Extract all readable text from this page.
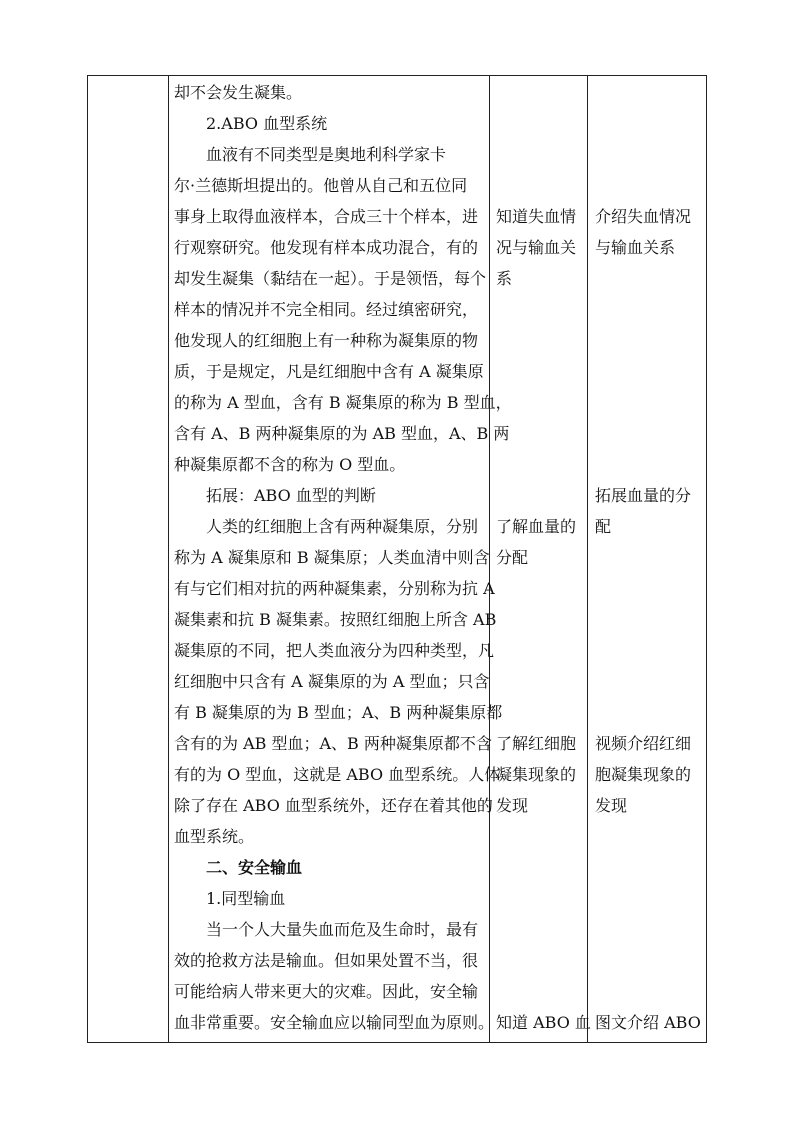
却不会发生凝集。
　　2.ABO 血型系统
　　血液有不同类型是奥地利科学家卡
尔·兰德斯坦提出的。他曾从自己和五位同
事身上取得血液样本，合成三十个样本，进
行观察研究。他发现有样本成功混合，有的
却发生凝集（黏结在一起）。于是领悟，每个
样本的情况并不完全相同。经过缜密研究，
他发现人的红细胞上有一种称为凝集原的物
质，于是规定，凡是红细胞中含有 A 凝集原
的称为 A 型血，含有 B 凝集原的称为 B 型血，
含有 A、B 两种凝集原的为 AB 型血，A、B 两
种凝集原都不含的称为 O 型血。
　　拓展：ABO 血型的判断
　　人类的红细胞上含有两种凝集原，分别
称为 A 凝集原和 B 凝集原；人类血清中则含
有与它们相对抗的两种凝集素，分别称为抗 A
凝集素和抗 B 凝集素。按照红细胞上所含 AB
凝集原的不同，把人类血液分为四种类型，凡
红细胞中只含有 A 凝集原的为 A 型血；只含
有 B 凝集原的为 B 型血；A、B 两种凝集原都
含有的为 AB 型血；A、B 两种凝集原都不含
有的为 O 型血，这就是 ABO 血型系统。人体
除了存在 ABO 血型系统外，还存在着其他的
血型系统。
　　二、安全输血
　　1.同型输血
　　当一个人大量失血而危及生命时，最有
效的抢救方法是输血。但如果处置不当，很
可能给病人带来更大的灾难。因此，安全输
血非常重要。安全输血应以输同型血为原则。
知道失血情
况与输血关
系
了解血量的
分配
了解红细胞
凝集现象的
发现
知道 ABO 血
介绍失血情况
与输血关系
拓展血量的分
配
视频介绍红细
胞凝集现象的
发现
图文介绍 ABO
